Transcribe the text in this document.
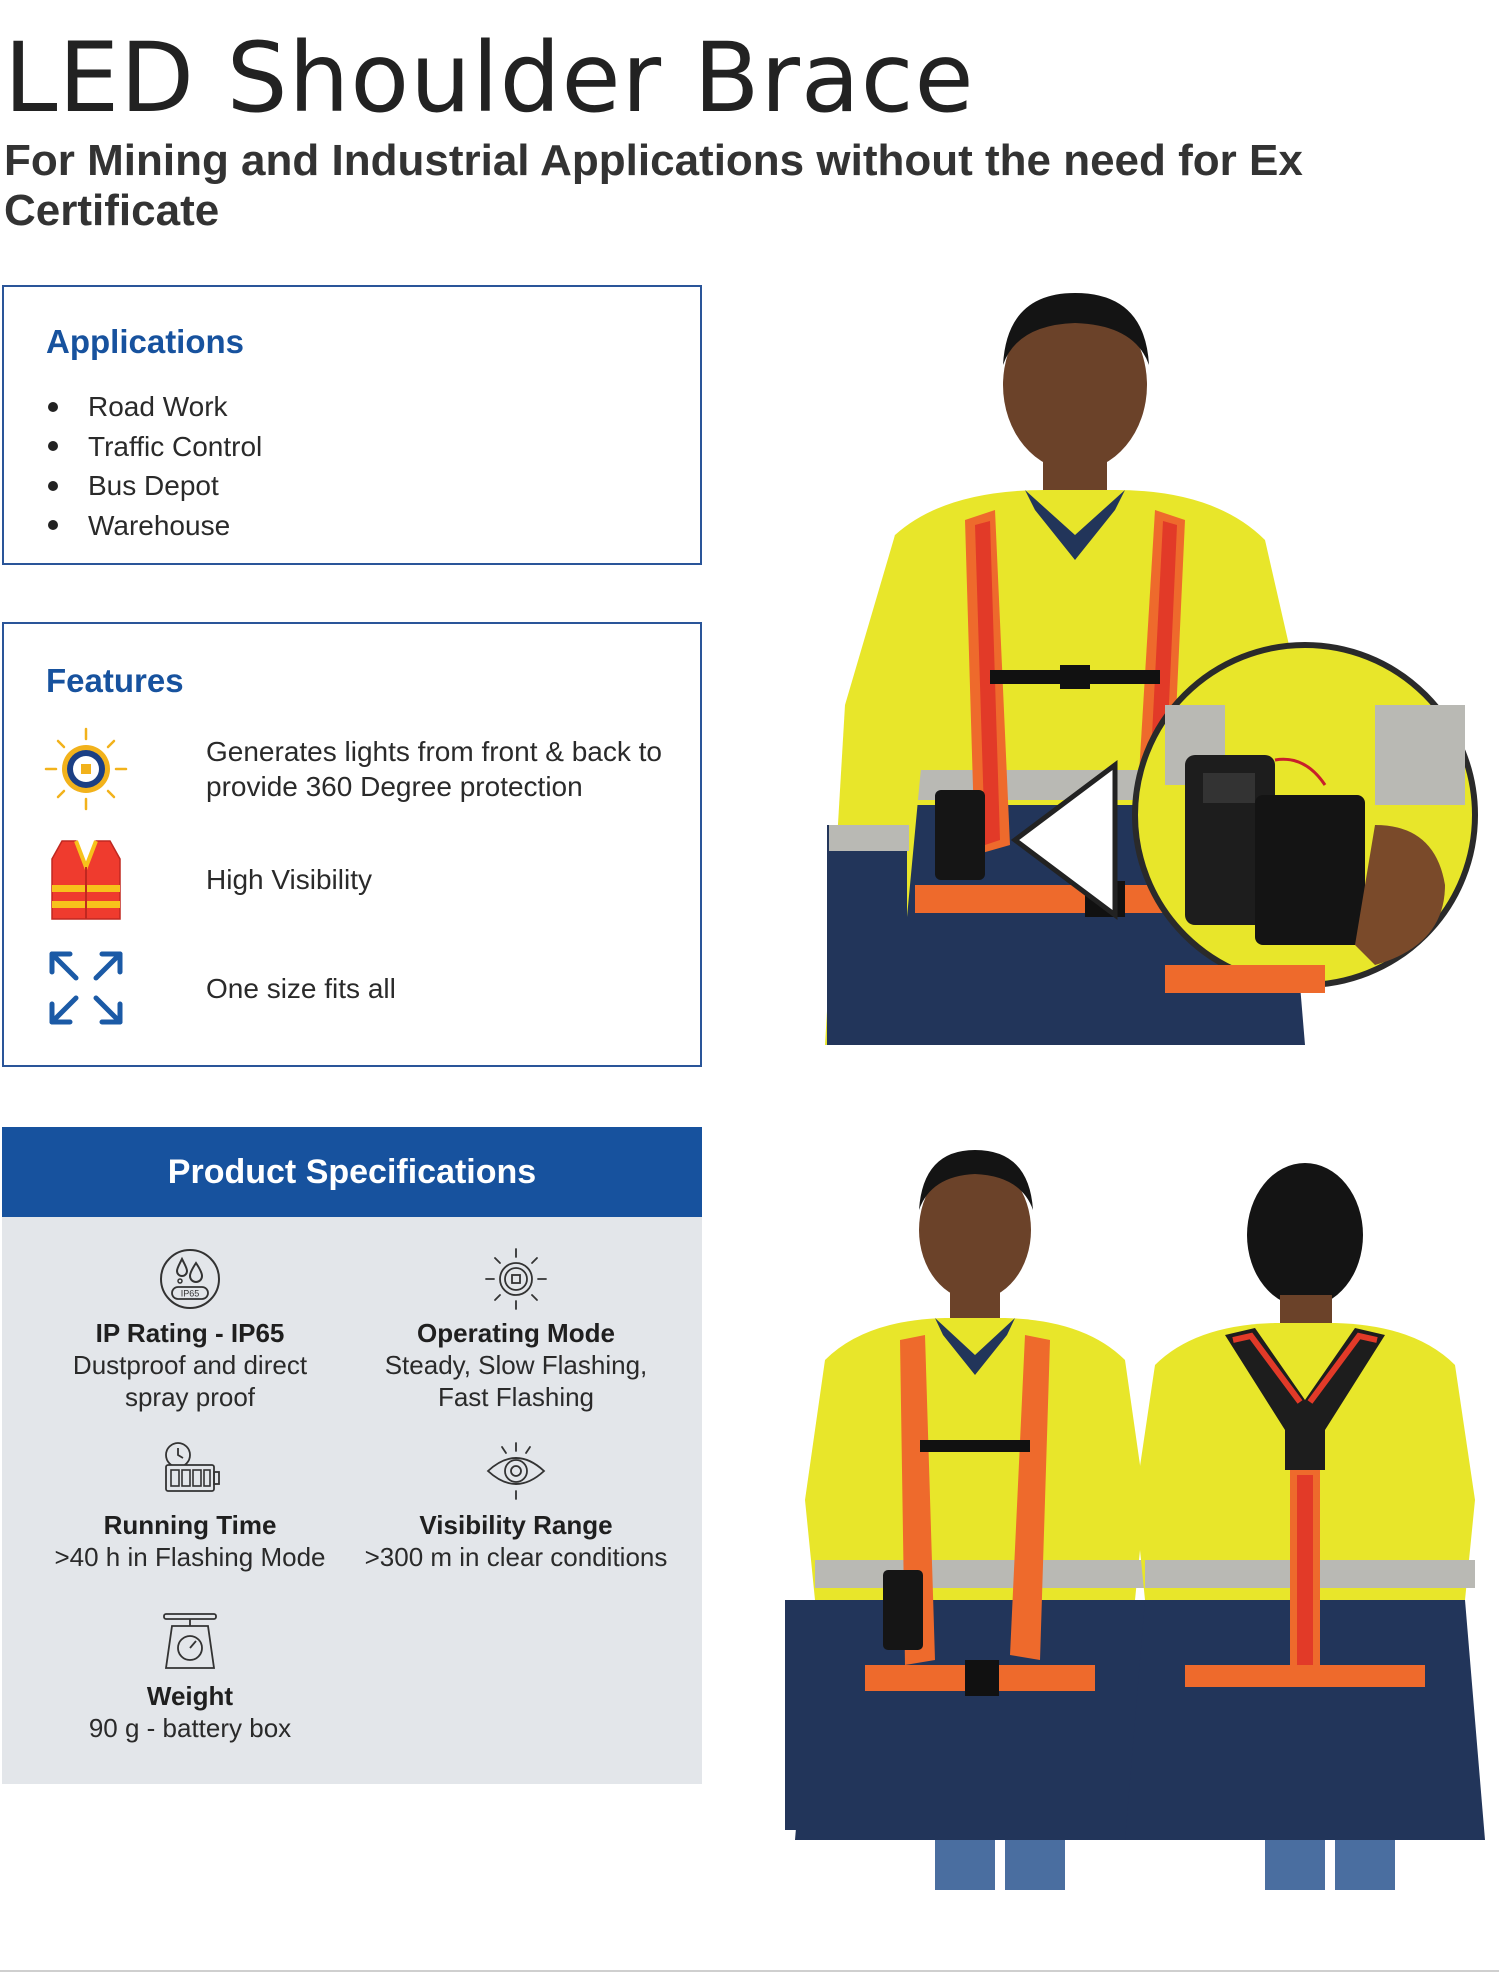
LED Shoulder Brace
For Mining and Industrial Applications without the need for Ex Certificate
Applications
Road Work
Traffic Control
Bus Depot
Warehouse
Features
Generates lights from front & back to
provide 360 Degree protection
High Visibility
One size fits all
Product Specifications
IP65
IP Rating - IP65
Dustproof and direct
spray proof
Operating Mode
Steady, Slow Flashing,
Fast Flashing
Running Time
>40 h in Flashing Mode
Visibility Range
>300 m in clear conditions
Weight
90 g - battery box
